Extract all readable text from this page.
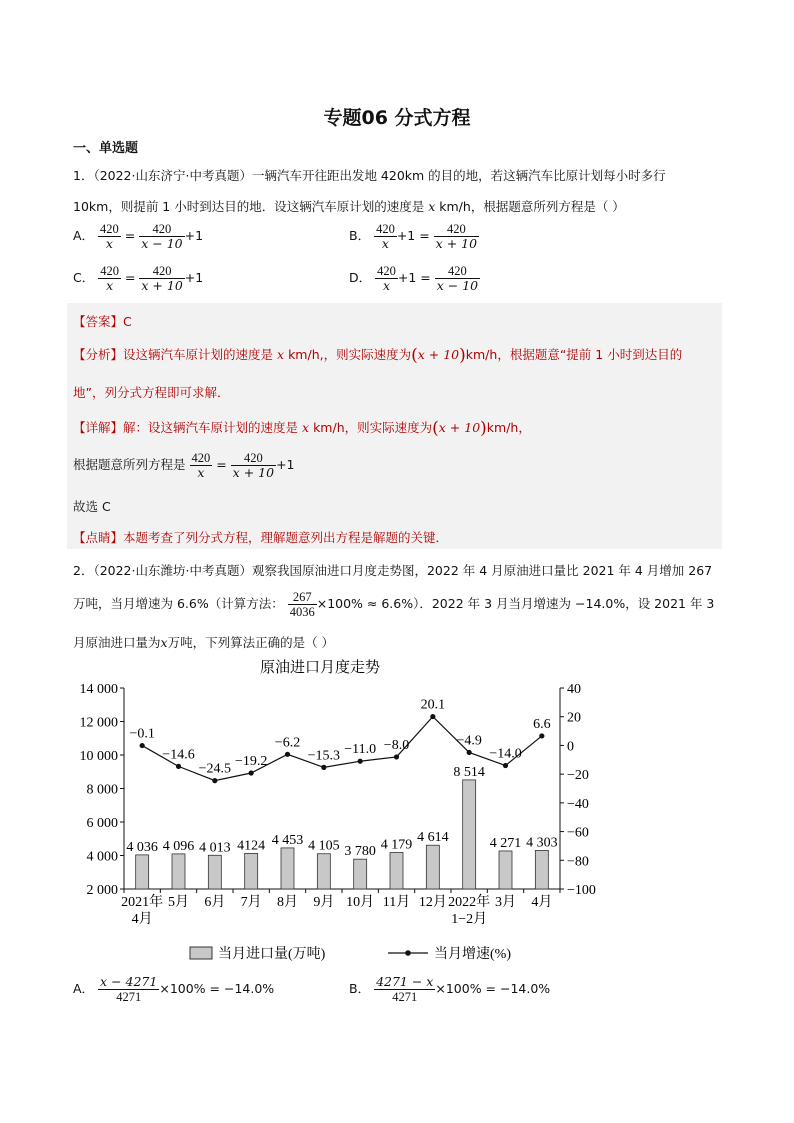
专题06 分式方程
一、单选题
1．（2022·山东济宁·中考真题）一辆汽车开往距出发地 420km 的目的地，若这辆汽车比原计划每小时多行
10km，则提前 1 小时到达目的地．设这辆汽车原计划的速度是 x km/h，根据题意所列方程是（ ）
A． $\frac{420}{x} = \frac{420}{x - 10} +1$	B． $\frac{420}{x} +1 = \frac{420}{x + 10}$
C． $\frac{420}{x} = \frac{420}{x + 10} +1$	D． $\frac{420}{x} +1 = \frac{420}{x - 10}$
【答案】C
【分析】设这辆汽车原计划的速度是 x km/h,，则实际速度为(x + 10)km/h，根据题意“提前 1 小时到达目的
地”，列分式方程即可求解．
【详解】解：设这辆汽车原计划的速度是 x km/h，则实际速度为(x + 10)km/h，
根据题意所列方程是 $\frac{420}{x} = \frac{420}{x + 10} +1$
故选 C
【点睛】本题考查了列分式方程，理解题意列出方程是解题的关键．
2．（2022·山东潍坊·中考真题）观察我国原油进口月度走势图，2022 年 4 月原油进口量比 2021 年 4 月增加 267
万吨，当月增速为 6.6%（计算方法： $\frac{267}{4036} \times 100\% \approx 6.6\%$）．2022 年 3 月当月增速为 −14.0%，设 2021 年 3
月原油进口量为x万吨，下列算法正确的是（ ）
原油进口月度走势
2 000
4 000
6 000
8 000
10 000
12 000
14 000
−100
−80
−60
−40
−20
0
20
40
2021年
4月
5月 6月 7月 8月 9月 10月 11月 12月 2022年
1−2月
3月 4月
4 036 4 096 4 013 4124 4 453 4 105 3 780 4 179 4 614
8 514
4 271 4 303
−0.1
−14.6
−24.5
−19.2
−6.2
−15.3 −11.0 −8.0
20.1
−4.9
−14.0
6.6
当月进口量(万吨)	当月增速(%)
A． $\frac{x - 4271}{4271} \times 100\% = -14.0\%$	B． $\frac{4271 - x}{4271} \times 100\% = -14.0\%$
